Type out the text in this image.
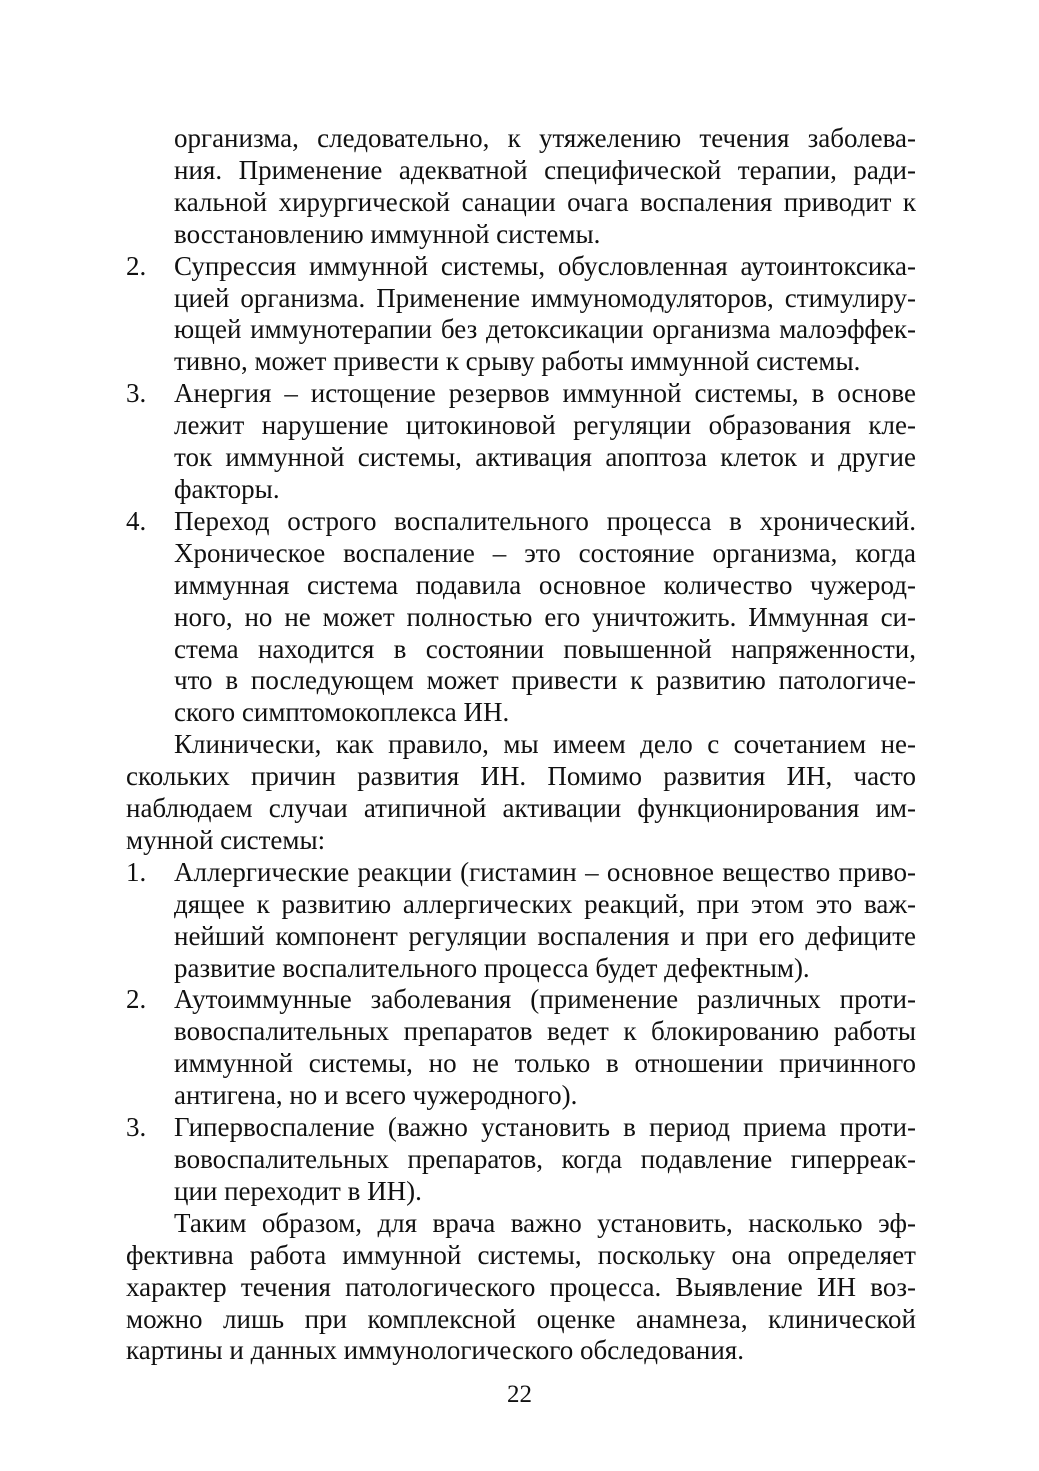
организма, следовательно, к утяжелению течения заболева-

ния. Применение адекватной специфической терапии, ради-

кальной хирургической санации очага воспаления приводит к

восстановлению иммунной системы.

2.	Супрессия иммунной системы, обусловленная аутоинтоксика-

цией организма. Применение иммуномодуляторов, стимулиру-

ющей иммунотерапии без детоксикации организма малоэффек-

тивно, может привести к срыву работы иммунной системы.

3.	Анергия – истощение резервов иммунной системы, в основе

лежит нарушение цитокиновой регуляции образования кле-

ток иммунной системы, активация апоптоза клеток и другие

факторы.

4.	Переход острого воспалительного процесса в хронический.

Хроническое воспаление – это состояние организма, когда

иммунная система подавила основное количество чужерод-

ного, но не может полностью его уничтожить. Иммунная си-

стема находится в состоянии повышенной напряженности,

что в последующем может привести к развитию патологиче-

ского симптомокоплекса ИН.

Клинически, как правило, мы имеем дело с сочетанием не-

скольких причин развития ИН. Помимо развития ИН, часто

наблюдаем случаи атипичной активации функционирования им-

мунной системы:

1.	Аллергические реакции (гистамин – основное вещество приво-

дящее к развитию аллергических реакций, при этом это важ-

нейший компонент регуляции воспаления и при его дефиците

развитие воспалительного процесса будет дефектным).

2.	Аутоиммунные заболевания (применение различных проти-

вовоспалительных препаратов ведет к блокированию работы

иммунной системы, но не только в отношении причинного

антигена, но и всего чужеродного).

3.	Гипервоспаление (важно установить в период приема проти-

вовоспалительных препаратов, когда подавление гиперреак-

ции переходит в ИН).

Таким образом, для врача важно установить, насколько эф-

фективна работа иммунной системы, поскольку она определяет

характер течения патологического процесса. Выявление ИН воз-

можно лишь при комплексной оценке анамнеза, клинической

картины и данных иммунологического обследования.

22
